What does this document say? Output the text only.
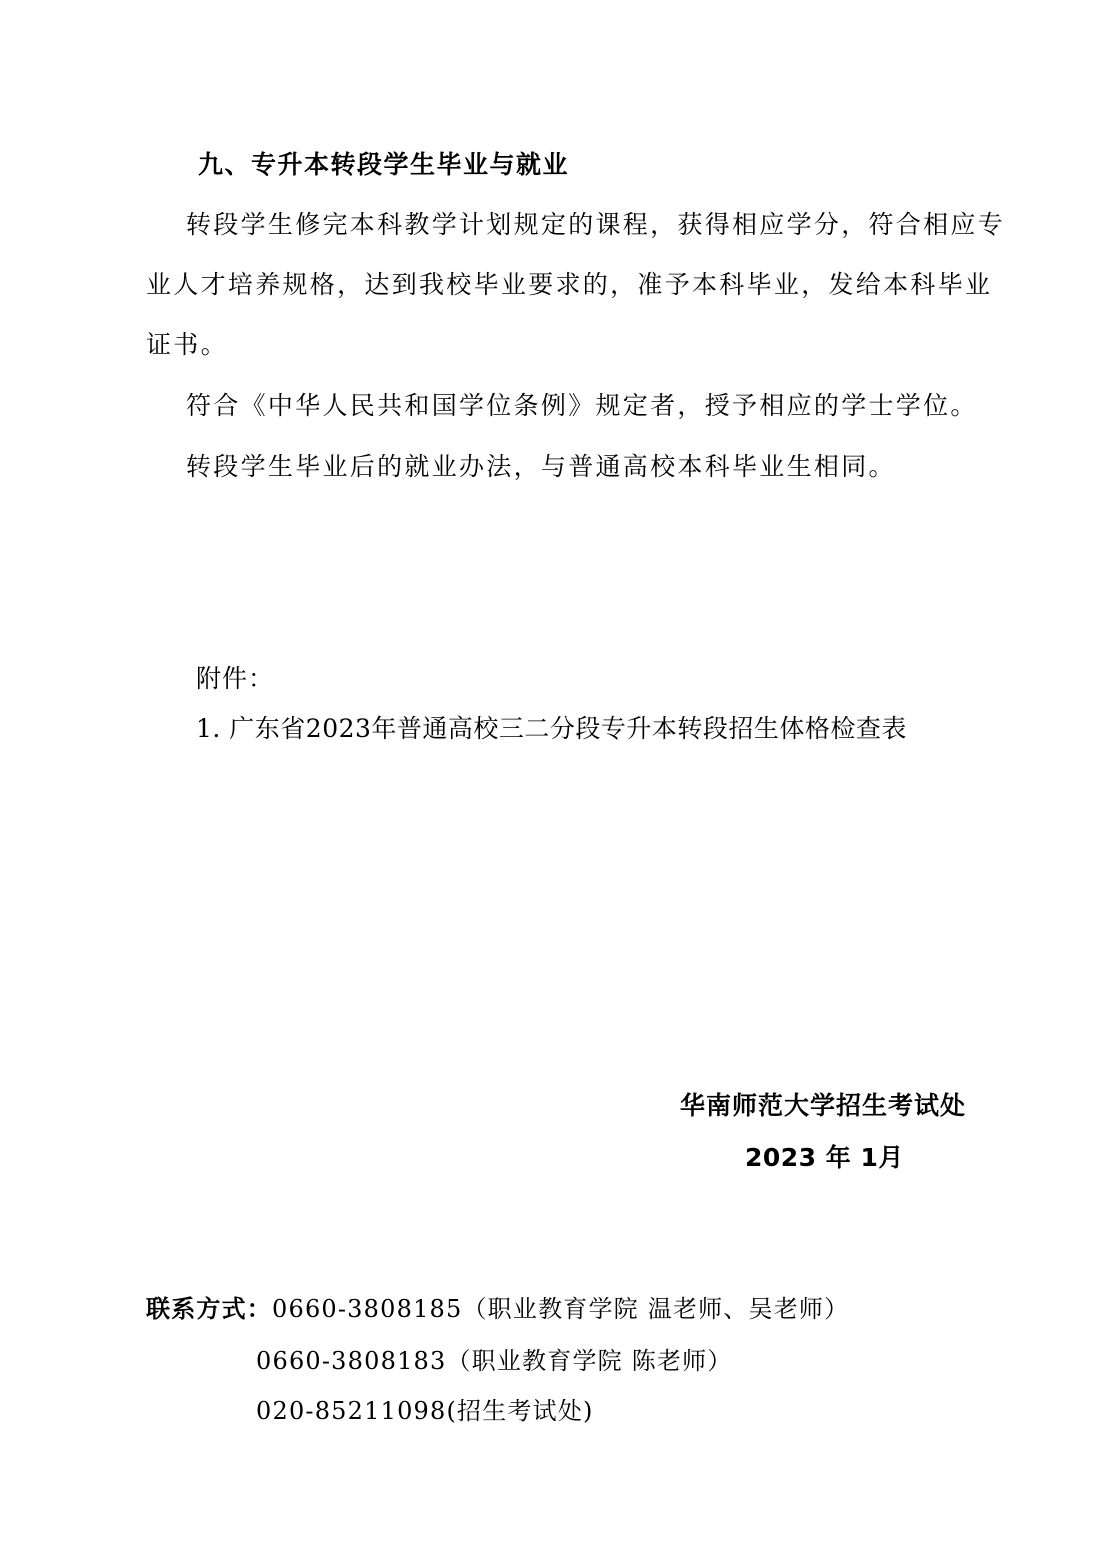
九、专升本转段学生毕业与就业
转段学生修完本科教学计划规定的课程，获得相应学分，符合相应专
业人才培养规格，达到我校毕业要求的，准予本科毕业，发给本科毕业
证书。
符合《中华人民共和国学位条例》规定者，授予相应的学士学位。
转段学生毕业后的就业办法，与普通高校本科毕业生相同。
附件：
1. 广东省2023年普通高校三二分段专升本转段招生体格检查表
华南师范大学招生考试处
2023 年 1月
联系方式：0660-3808185（职业教育学院 温老师、吴老师）
0660-3808183（职业教育学院 陈老师）
020-85211098(招生考试处)
